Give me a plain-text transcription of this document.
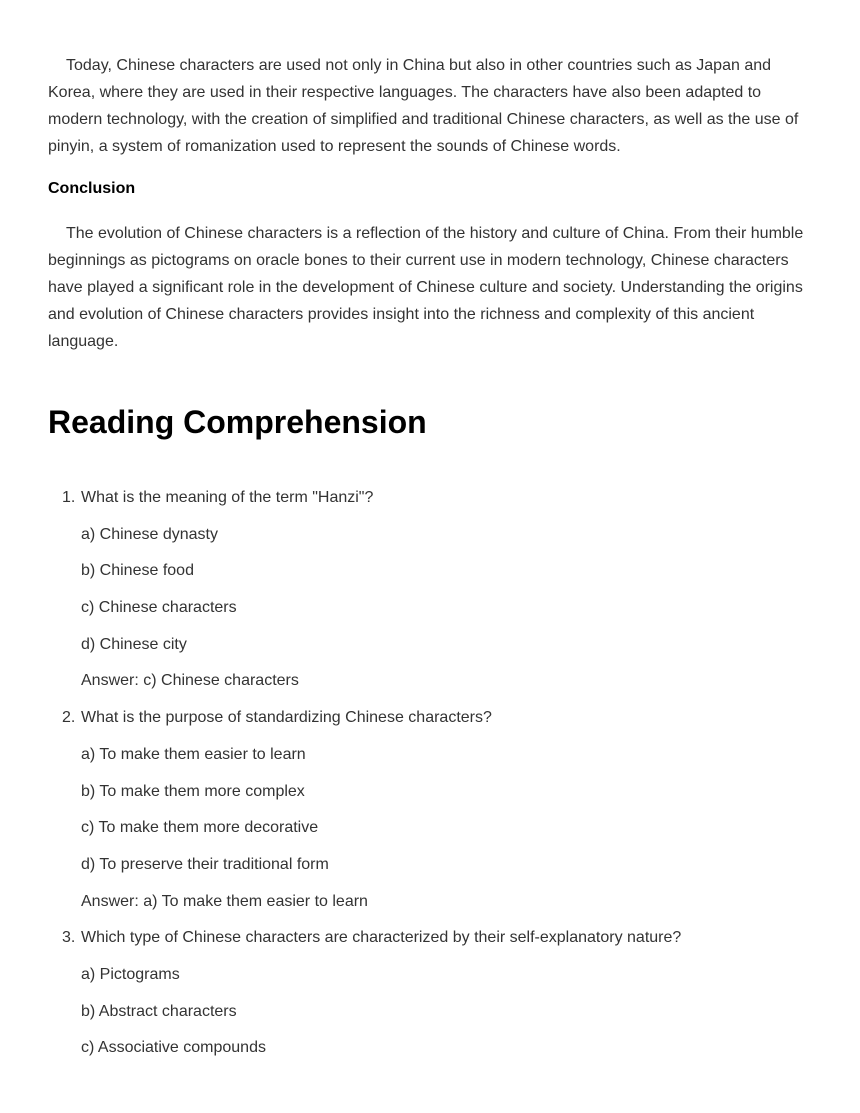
Today, Chinese characters are used not only in China but also in other countries such as Japan and Korea, where they are used in their respective languages. The characters have also been adapted to modern technology, with the creation of simplified and traditional Chinese characters, as well as the use of pinyin, a system of romanization used to represent the sounds of Chinese words.

Conclusion

The evolution of Chinese characters is a reflection of the history and culture of China. From their humble beginnings as pictograms on oracle bones to their current use in modern technology, Chinese characters have played a significant role in the development of Chinese culture and society. Understanding the origins and evolution of Chinese characters provides insight into the richness and complexity of this ancient language.

Reading Comprehension
1. What is the meaning of the term "Hanzi"?
a) Chinese dynasty
b) Chinese food
c) Chinese characters
d) Chinese city
Answer: c) Chinese characters
2. What is the purpose of standardizing Chinese characters?
a) To make them easier to learn
b) To make them more complex
c) To make them more decorative
d) To preserve their traditional form
Answer: a) To make them easier to learn
3. Which type of Chinese characters are characterized by their self-explanatory nature?
a) Pictograms
b) Abstract characters
c) Associative compounds
